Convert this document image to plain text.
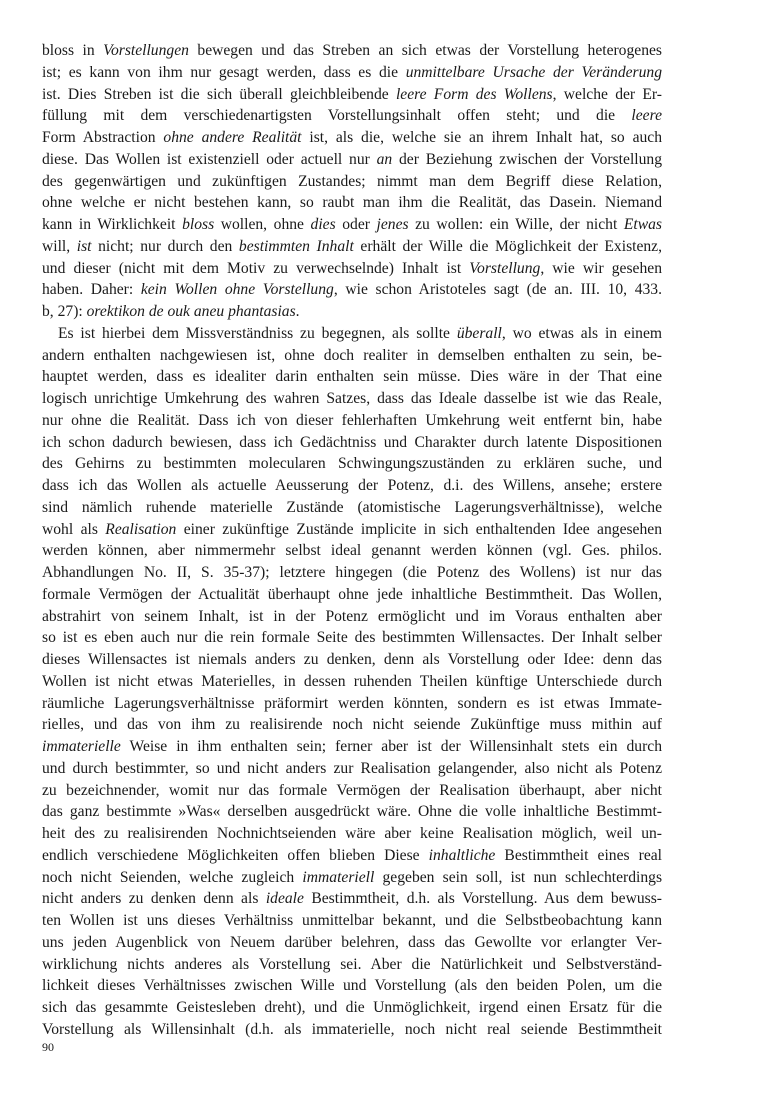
bloss in Vorstellungen bewegen und das Streben an sich etwas der Vorstellung heterogenes
ist; es kann von ihm nur gesagt werden, dass es die unmittelbare Ursache der Veränderung
ist. Dies Streben ist die sich überall gleichbleibende leere Form des Wollens, welche der Er-
füllung mit dem verschiedenartigsten Vorstellungsinhalt offen steht; und die leere
Form Abstraction ohne andere Realität ist, als die, welche sie an ihrem Inhalt hat, so auch
diese. Das Wollen ist existenziell oder actuell nur an der Beziehung zwischen der Vorstellung
des gegenwärtigen und zukünftigen Zustandes; nimmt man dem Begriff diese Relation,
ohne welche er nicht bestehen kann, so raubt man ihm die Realität, das Dasein. Niemand
kann in Wirklichkeit bloss wollen, ohne dies oder jenes zu wollen: ein Wille, der nicht Etwas
will, ist nicht; nur durch den bestimmten Inhalt erhält der Wille die Möglichkeit der Existenz,
und dieser (nicht mit dem Motiv zu verwechselnde) Inhalt ist Vorstellung, wie wir gesehen
haben. Daher: kein Wollen ohne Vorstellung, wie schon Aristoteles sagt (de an. III. 10, 433.
b, 27): orektikon de ouk aneu phantasias.
Es ist hierbei dem Missverständniss zu begegnen, als sollte überall, wo etwas als in einem
andern enthalten nachgewiesen ist, ohne doch realiter in demselben enthalten zu sein, be-
hauptet werden, dass es idealiter darin enthalten sein müsse. Dies wäre in der That eine
logisch unrichtige Umkehrung des wahren Satzes, dass das Ideale dasselbe ist wie das Reale,
nur ohne die Realität. Dass ich von dieser fehlerhaften Umkehrung weit entfernt bin, habe
ich schon dadurch bewiesen, dass ich Gedächtniss und Charakter durch latente Dispositionen
des Gehirns zu bestimmten molecularen Schwingungszuständen zu erklären suche, und
dass ich das Wollen als actuelle Aeusserung der Potenz, d.i. des Willens, ansehe; erstere
sind nämlich ruhende materielle Zustände (atomistische Lagerungsverhältnisse), welche
wohl als Realisation einer zukünftige Zustände implicite in sich enthaltenden Idee angesehen
werden können, aber nimmermehr selbst ideal genannt werden können (vgl. Ges. philos.
Abhandlungen No. II, S. 35-37); letztere hingegen (die Potenz des Wollens) ist nur das
formale Vermögen der Actualität überhaupt ohne jede inhaltliche Bestimmtheit. Das Wollen,
abstrahirt von seinem Inhalt, ist in der Potenz ermöglicht und im Voraus enthalten aber
so ist es eben auch nur die rein formale Seite des bestimmten Willensactes. Der Inhalt selber
dieses Willensactes ist niemals anders zu denken, denn als Vorstellung oder Idee: denn das
Wollen ist nicht etwas Materielles, in dessen ruhenden Theilen künftige Unterschiede durch
räumliche Lagerungsverhältnisse präformirt werden könnten, sondern es ist etwas Immate-
rielles, und das von ihm zu realisirende noch nicht seiende Zukünftige muss mithin auf
immaterielle Weise in ihm enthalten sein; ferner aber ist der Willensinhalt stets ein durch
und durch bestimmter, so und nicht anders zur Realisation gelangender, also nicht als Potenz
zu bezeichnender, womit nur das formale Vermögen der Realisation überhaupt, aber nicht
das ganz bestimmte »Was« derselben ausgedrückt wäre. Ohne die volle inhaltliche Bestimmt-
heit des zu realisirenden Nochnichtseienden wäre aber keine Realisation möglich, weil un-
endlich verschiedene Möglichkeiten offen blieben Diese inhaltliche Bestimmtheit eines real
noch nicht Seienden, welche zugleich immateriell gegeben sein soll, ist nun schlechterdings
nicht anders zu denken denn als ideale Bestimmtheit, d.h. als Vorstellung. Aus dem bewuss-
ten Wollen ist uns dieses Verhältniss unmittelbar bekannt, und die Selbstbeobachtung kann
uns jeden Augenblick von Neuem darüber belehren, dass das Gewollte vor erlangter Ver-
wirklichung nichts anderes als Vorstellung sei. Aber die Natürlichkeit und Selbstverständ-
lichkeit dieses Verhältnisses zwischen Wille und Vorstellung (als den beiden Polen, um die
sich das gesammte Geistesleben dreht), und die Unmöglichkeit, irgend einen Ersatz für die
Vorstellung als Willensinhalt (d.h. als immaterielle, noch nicht real seiende Bestimmtheit
90
